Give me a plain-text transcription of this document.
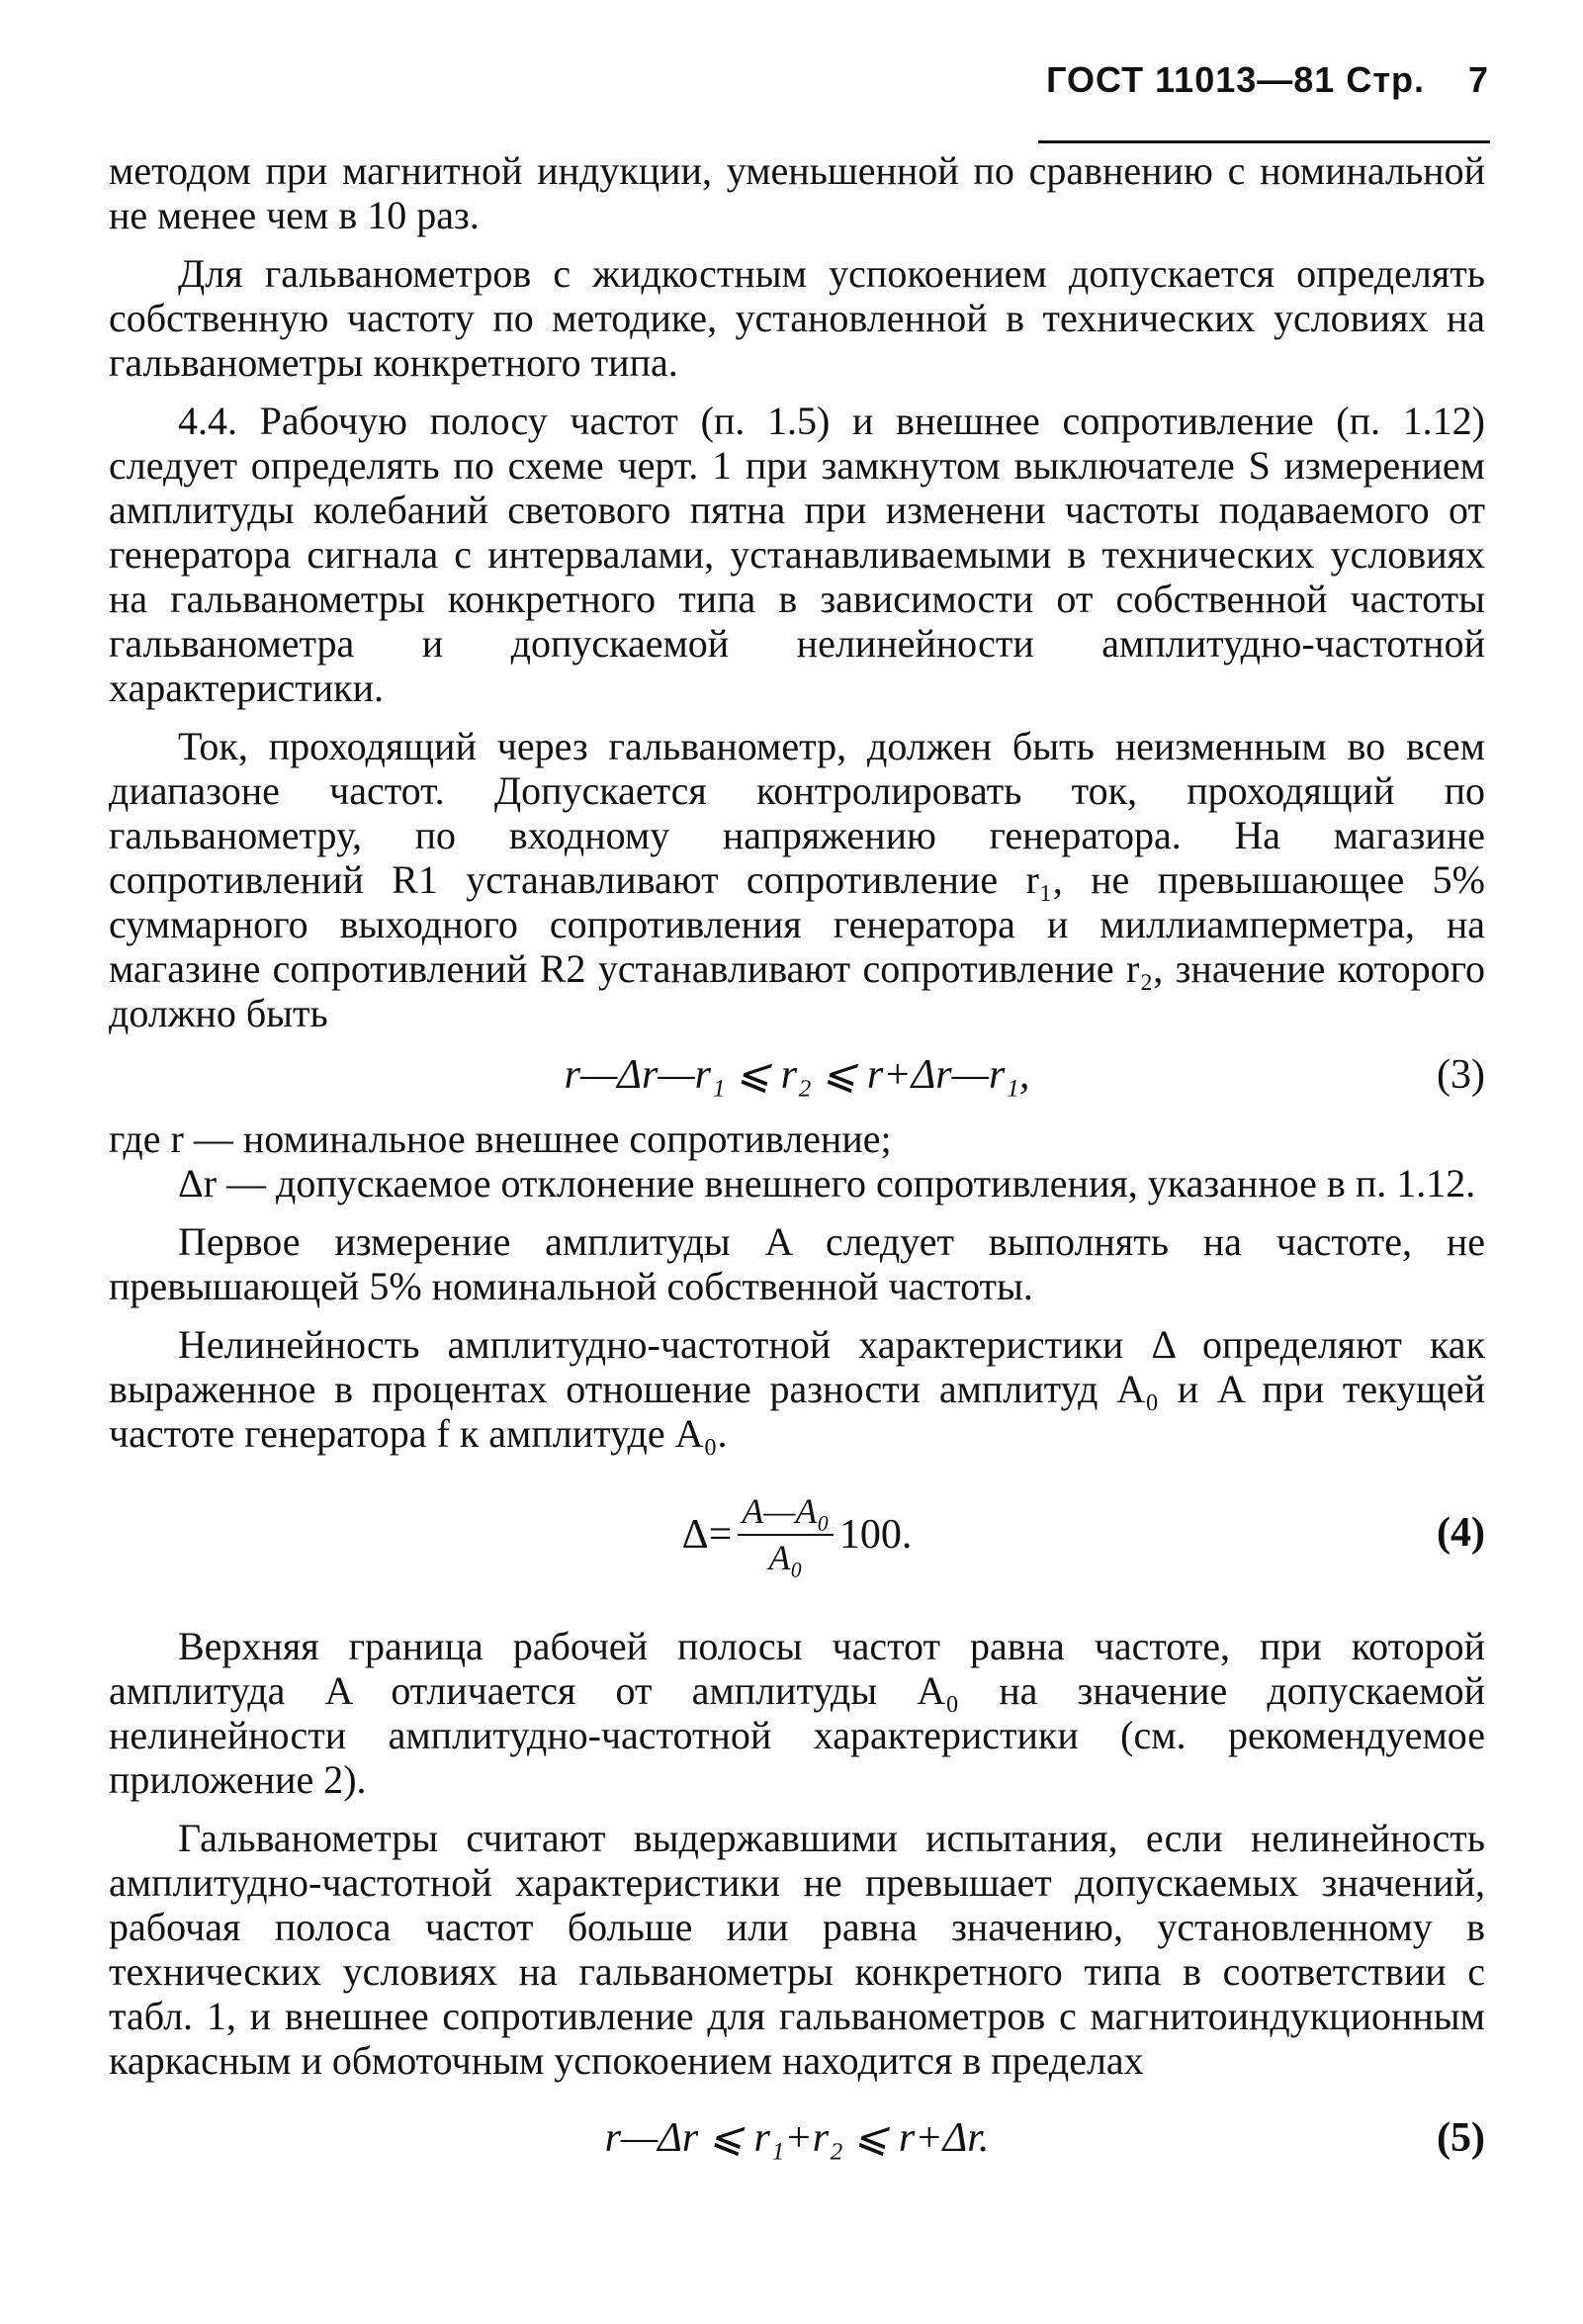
ГОСТ 11013—81 Стр. 7

методом при магнитной индукции, уменьшенной по сравнению с номинальной не менее чем в 10 раз.

Для гальванометров с жидкостным успокоением допускается определять собственную частоту по методике, установленной в технических условиях на гальванометры конкретного типа.

4.4. Рабочую полосу частот (п. 1.5) и внешнее сопротивление (п. 1.12) следует определять по схеме черт. 1 при замкнутом выключателе S измерением амплитуды колебаний светового пятна при изменени частоты подаваемого от генератора сигнала с интервалами, устанавливаемыми в технических условиях на гальванометры конкретного типа в зависимости от собственной частоты гальванометра и допускаемой нелинейности амплитудно-частотной характеристики.

Ток, проходящий через гальванометр, должен быть неизменным во всем диапазоне частот. Допускается контролировать ток, проходящий по гальванометру, по входному напряжению генератора. На магазине сопротивлений R1 устанавливают сопротивление r₁, не превышающее 5% суммарного выходного сопротивления генератора и миллиамперметра, на магазине сопротивлений R2 устанавливают сопротивление r₂, значение которого должно быть

r—Δr—r₁ ⩽ r₂ ⩽ r+Δr—r₁,	(3)

где r — номинальное внешнее сопротивление;

Δr — допускаемое отклонение внешнего сопротивления, указанное в п. 1.12.

Первое измерение амплитуды A следует выполнять на частоте, не превышающей 5% номинальной собственной частоты.

Нелинейность амплитудно-частотной характеристики Δ определяют как выраженное в процентах отношение разности амплитуд A₀ и A при текущей частоте генератора f к амплитуде A₀.

$\Delta= \frac{\text{A—A₀}}{\text{A₀}} 100$.	(4)

Верхняя граница рабочей полосы частот равна частоте, при которой амплитуда A отличается от амплитуды A₀ на значение допускаемой нелинейности амплитудно-частотной характеристики (см. рекомендуемое приложение 2).

Гальванометры считают выдержавшими испытания, если нелинейность амплитудно-частотной характеристики не превышает допускаемых значений, рабочая полоса частот больше или равна значению, установленному в технических условиях на гальванометры конкретного типа в соответствии с табл. 1, и внешнее сопротивление для гальванометров с магнитоиндукционным каркасным и обмоточным успокоением находится в пределах

r—Δr ⩽ r₁+r₂ ⩽ r+Δr.	(5)
